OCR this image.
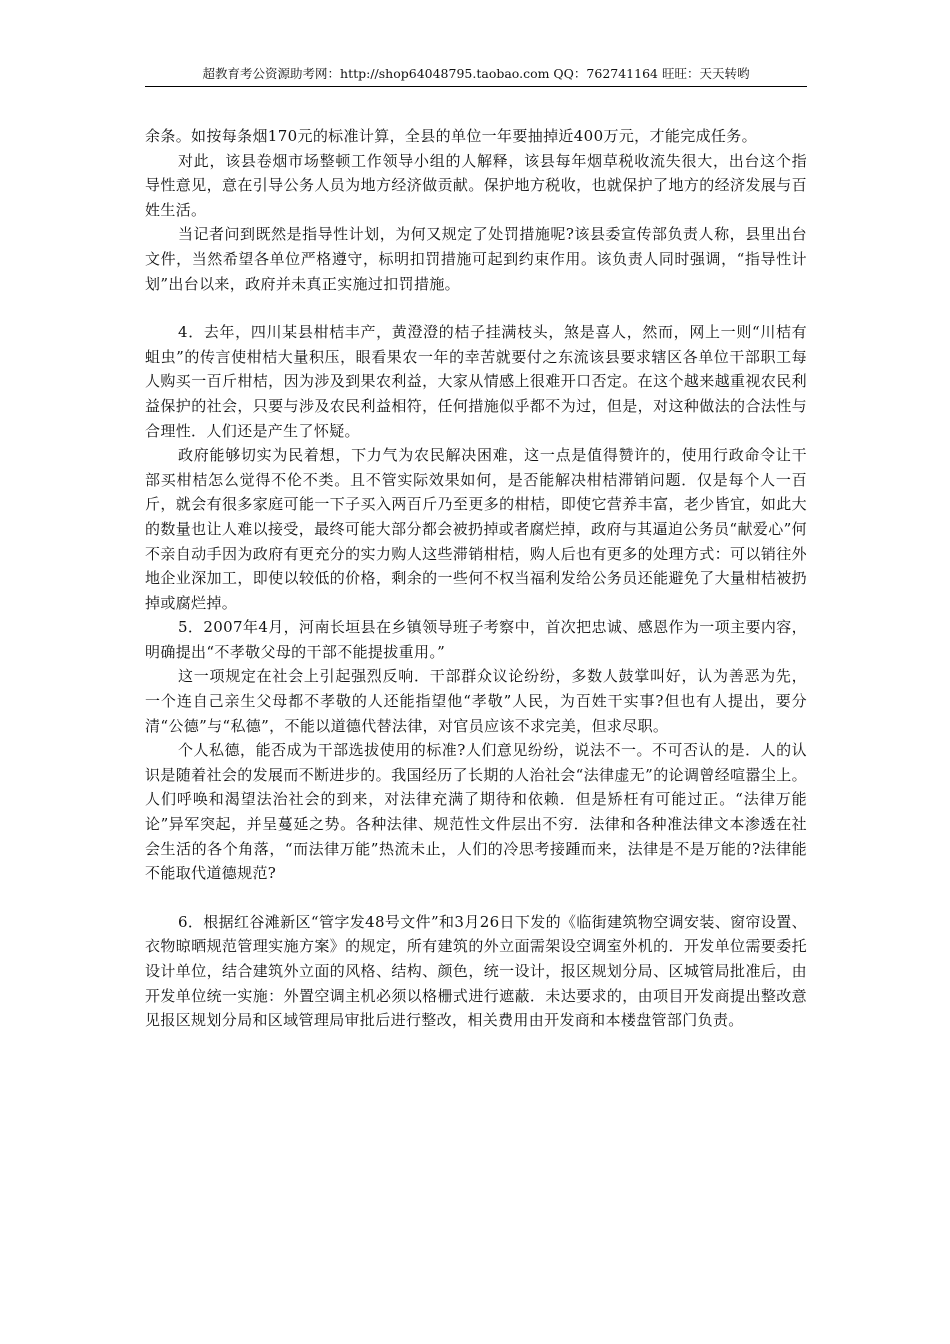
超教育考公资源助考网：http://shop64048795.taobao.com QQ：762741164 旺旺：天天转哟

余条。如按每条烟170元的标准计算，全县的单位一年要抽掉近400万元，才能完成任务。

对此，该县卷烟市场整顿工作领导小组的人解释，该县每年烟草税收流失很大，出台这个指导性意见，意在引导公务人员为地方经济做贡献。保护地方税收，也就保护了地方的经济发展与百姓生活。

当记者问到既然是指导性计划，为何又规定了处罚措施呢?该县委宣传部负责人称，县里出台文件，当然希望各单位严格遵守，标明扣罚措施可起到约束作用。该负责人同时强调，“指导性计划”出台以来，政府并未真正实施过扣罚措施。

4．去年，四川某县柑桔丰产，黄澄澄的桔子挂满枝头，煞是喜人，然而，网上一则“川桔有蛆虫”的传言使柑桔大量积压，眼看果农一年的幸苦就要付之东流该县要求辖区各单位干部职工每人购买一百斤柑桔，因为涉及到果农利益，大家从情感上很难开口否定。在这个越来越重视农民利益保护的社会，只要与涉及农民利益相符，任何措施似乎都不为过，但是，对这种做法的合法性与合理性．人们还是产生了怀疑。

政府能够切实为民着想，下力气为农民解决困难，这一点是值得赞许的，使用行政命令让干部买柑桔怎么觉得不伦不类。且不管实际效果如何，是否能解决柑桔滞销问题．仅是每个人一百斤，就会有很多家庭可能一下子买入两百斤乃至更多的柑桔，即使它营养丰富，老少皆宜，如此大的数量也让人难以接受，最终可能大部分都会被扔掉或者腐烂掉，政府与其逼迫公务员“献爱心”何不亲自动手因为政府有更充分的实力购人这些滞销柑桔，购人后也有更多的处理方式：可以销往外地企业深加工，即使以较低的价格，剩余的一些何不权当福利发给公务员还能避免了大量柑桔被扔掉或腐烂掉。

5．2007年4月，河南长垣县在乡镇领导班子考察中，首次把忠诚、感恩作为一项主要内容，明确提出“不孝敬父母的干部不能提拔重用。”

这一项规定在社会上引起强烈反响．干部群众议论纷纷，多数人鼓掌叫好，认为善恶为先，一个连自己亲生父母都不孝敬的人还能指望他“孝敬”人民，为百姓干实事?但也有人提出，要分清“公德”与“私德”，不能以道德代替法律，对官员应该不求完美，但求尽职。

个人私德，能否成为干部选拔使用的标准?人们意见纷纷，说法不一。不可否认的是．人的认识是随着社会的发展而不断进步的。我国经历了长期的人治社会“法律虚无”的论调曾经喧嚣尘上。人们呼唤和渴望法治社会的到来，对法律充满了期待和依赖．但是矫枉有可能过正。“法律万能论”异军突起，并呈蔓延之势。各种法律、规范性文件层出不穷．法律和各种准法律文本渗透在社会生活的各个角落，“而法律万能”热流未止，人们的冷思考接踵而来，法律是不是万能的?法律能不能取代道德规范?

6．根据红谷滩新区“管字发48号文件”和3月26日下发的《临街建筑物空调安装、窗帘设置、衣物晾晒规范管理实施方案》的规定，所有建筑的外立面需架设空调室外机的．开发单位需要委托设计单位，结合建筑外立面的风格、结构、颜色，统一设计，报区规划分局、区城管局批准后，由开发单位统一实施：外置空调主机必须以格栅式进行遮蔽．未达要求的，由项目开发商提出整改意见报区规划分局和区域管理局审批后进行整改，相关费用由开发商和本楼盘管部门负责。
